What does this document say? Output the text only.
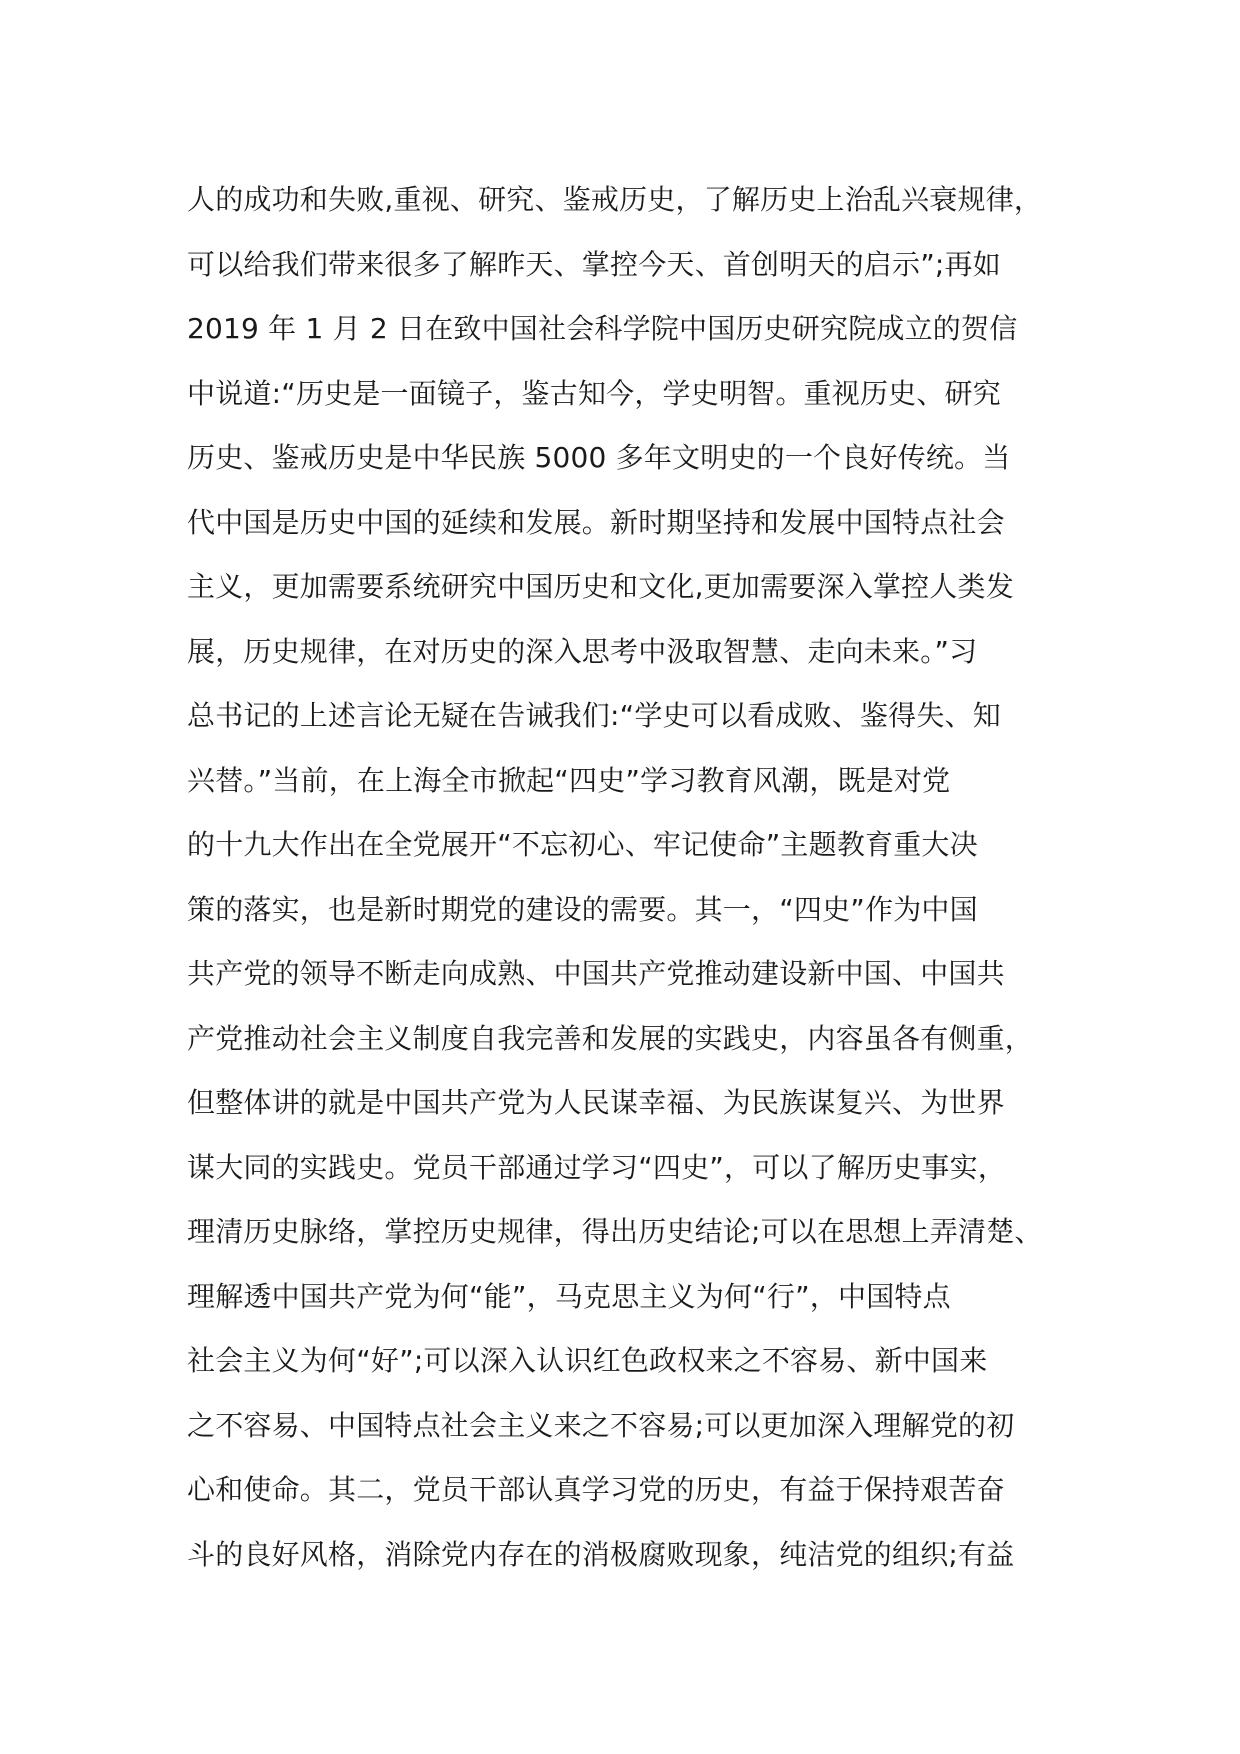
人的成功和失败,重视、研究、鉴戒历史，了解历史上治乱兴衰规律，
可以给我们带来很多了解昨天、掌控今天、首创明天的启示”;再如
2019 年 1 月 2 日在致中国社会科学院中国历史研究院成立的贺信
中说道:“历史是一面镜子，鉴古知今，学史明智。重视历史、研究
历史、鉴戒历史是中华民族 5000 多年文明史的一个良好传统。当
代中国是历史中国的延续和发展。新时期坚持和发展中国特点社会
主义，更加需要系统研究中国历史和文化,更加需要深入掌控人类发
展，历史规律，在对历史的深入思考中汲取智慧、走向未来。”习
总书记的上述言论无疑在告诫我们:“学史可以看成败、鉴得失、知
兴替。”当前，在上海全市掀起“四史”学习教育风潮，既是对党
的十九大作出在全党展开“不忘初心、牢记使命”主题教育重大决
策的落实，也是新时期党的建设的需要。其一，“四史”作为中国
共产党的领导不断走向成熟、中国共产党推动建设新中国、中国共
产党推动社会主义制度自我完善和发展的实践史，内容虽各有侧重，
但整体讲的就是中国共产党为人民谋幸福、为民族谋复兴、为世界
谋大同的实践史。党员干部通过学习“四史”，可以了解历史事实，
理清历史脉络，掌控历史规律，得出历史结论;可以在思想上弄清楚、
理解透中国共产党为何“能”，马克思主义为何“行”，中国特点
社会主义为何“好”;可以深入认识红色政权来之不容易、新中国来
之不容易、中国特点社会主义来之不容易;可以更加深入理解党的初
心和使命。其二，党员干部认真学习党的历史，有益于保持艰苦奋
斗的良好风格，消除党内存在的消极腐败现象，纯洁党的组织;有益
